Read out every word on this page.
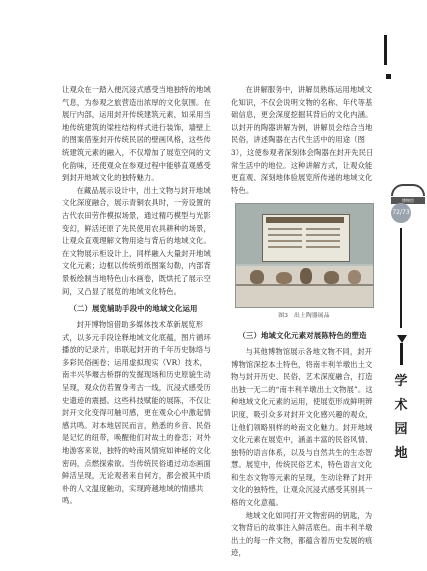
让观众在一踏入便沉浸式感受当地独特的地域气息，为参观之旅营造出浓厚的文化氛围。在展厅内部，运用封开传统建筑元素，如采用当地传统建筑的梁柱结构样式进行装饰，墙壁上的图案借鉴封开传统民居的壁画风格，这些传统建筑元素的融入，不仅增加了展览空间的文化韵味，还使观众在参观过程中能够直观感受到封开地域文化的独特魅力。

在藏品展示设计中，出土文物与封开地域文化深度融合，展示青铜农具时，一旁设置的古代农田劳作模拟场景，通过精巧模型与光影变幻，鲜活还原了先民使用农具耕种的场景，让观众直观理解文物用途与背后的地域文化。在文物展示柜设计上，同样融入大量封开地域文化元素；边框以传统剪纸图案勾勒，内部背景板绘制当地特色山水画卷，既烘托了展示空间，又凸显了展览的地域文化特色。

（二）展览辅助手段中的地域文化运用

封开博物馆借助多媒体技术革新展览形式，以多元手段诠释地域文化底蕴，图片循环播放的记录片，串联起封开的千年历史脉络与多彩民俗画卷；运用虚拟现实（VR）技术，南丰兴华堰古桥群的发掘现场和历史原貌生动呈现，观众仿若置身考古一线，沉浸式感受历史遗迹的震撼。这些科技赋能的展陈，不仅让封开文化变得可触可感，更在观众心中激起情感共鸣。对本地居民而言，熟悉的乡音、民俗是记忆的纽带，唤醒他们对故土的眷恋；对外地游客来说，独特的岭南风情宛如神秘的文化密码，点燃探索欲。当传统民俗通过动态画面鲜活呈现，无论观者来自何方，都会被其中质朴的人文温度触动，实现跨越地域的情感共鸣。

在讲解服务中，讲解员熟练运用地域文化知识，不仅会说明文物的名称、年代等基础信息，更会深度挖掘其背后的文化内涵。以封开的陶器讲解为例，讲解员会结合当地民俗，讲述陶器在古代生活中的用途（图3），这使参观者深刻体会陶器在封开先民日常生活中的地位。这种讲解方式，让观众能更直观、深刻地体验展览所传递的地域文化特色。

图3　出土陶器展品

（三）地域文化元素对展陈特色的塑造

与其他博物馆展示各地文物不同，封开博物馆深挖本土特色，将南丰利羊墩出土文物与封开历史、民俗、艺术深度融合，打造出独一无二的“南丰利羊墩出土文物展”。这种地域文化元素的运用，使展览形成鲜明辨识度，吸引众多对封开文化感兴趣的观众，让他们领略别样的岭南文化魅力。封开地域文化元素在展览中，涵盖丰富的民俗风情、独特的语言体系，以及与自然共生的生态智慧。展览中，传统民俗艺术，特色语言文化和生态文物等元素的呈现，生动诠释了封开文化的独特性，让观众沉浸式感受其别具一格的文化意蕴。

地域文化如同打开文物密码的钥匙，为文物背后的故事注入鲜活底色。南丰利羊墩出土的每一件文物，都蕴含着历史发展的痕迹，

博物馆
72/73
学
术
园
地
